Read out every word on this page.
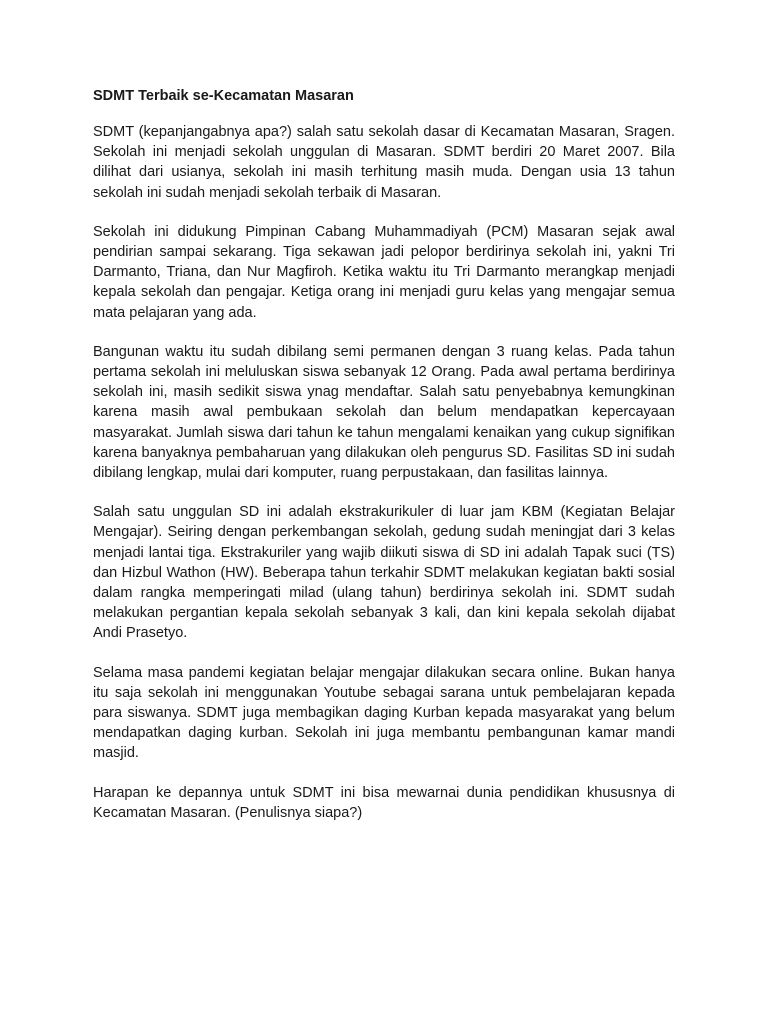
SDMT Terbaik se-Kecamatan Masaran

SDMT (kepanjangabnya apa?) salah satu sekolah dasar di Kecamatan Masaran, Sragen. Sekolah ini menjadi sekolah unggulan di Masaran. SDMT berdiri 20 Maret 2007. Bila dilihat dari usianya, sekolah ini masih terhitung masih muda. Dengan usia 13 tahun sekolah ini sudah menjadi sekolah terbaik di Masaran.

Sekolah ini didukung Pimpinan Cabang Muhammadiyah (PCM) Masaran sejak awal pendirian sampai sekarang. Tiga sekawan jadi pelopor berdirinya sekolah ini, yakni Tri Darmanto, Triana, dan Nur Magfiroh. Ketika waktu itu Tri Darmanto merangkap menjadi kepala sekolah dan pengajar. Ketiga orang ini menjadi guru kelas yang mengajar semua mata pelajaran yang ada.

Bangunan waktu itu sudah dibilang semi permanen dengan 3 ruang kelas. Pada tahun pertama sekolah ini meluluskan siswa sebanyak 12 Orang. Pada awal pertama berdirinya sekolah ini, masih sedikit siswa ynag mendaftar. Salah satu penyebabnya kemungkinan karena masih awal pembukaan sekolah dan belum mendapatkan kepercayaan masyarakat. Jumlah siswa dari tahun ke tahun mengalami kenaikan yang cukup signifikan karena banyaknya pembaharuan yang dilakukan oleh pengurus SD. Fasilitas SD ini sudah dibilang lengkap, mulai dari komputer, ruang perpustakaan, dan fasilitas lainnya.

Salah satu unggulan SD ini adalah ekstrakurikuler di luar jam KBM (Kegiatan Belajar Mengajar). Seiring dengan perkembangan sekolah, gedung sudah meningjat dari 3 kelas menjadi lantai tiga. Ekstrakuriler yang wajib diikuti siswa di SD ini adalah Tapak suci (TS) dan Hizbul Wathon (HW). Beberapa tahun terkahir SDMT melakukan kegiatan bakti sosial dalam rangka memperingati milad (ulang tahun) berdirinya sekolah ini. SDMT sudah melakukan pergantian kepala sekolah sebanyak 3 kali, dan kini kepala sekolah dijabat Andi Prasetyo.

Selama masa pandemi kegiatan belajar mengajar dilakukan secara online. Bukan hanya itu saja sekolah ini menggunakan Youtube sebagai sarana untuk pembelajaran kepada para siswanya. SDMT juga membagikan daging Kurban kepada masyarakat yang belum mendapatkan daging kurban. Sekolah ini juga membantu pembangunan kamar mandi masjid.

Harapan ke depannya untuk SDMT ini bisa mewarnai dunia pendidikan khususnya di Kecamatan Masaran. (Penulisnya siapa?)
